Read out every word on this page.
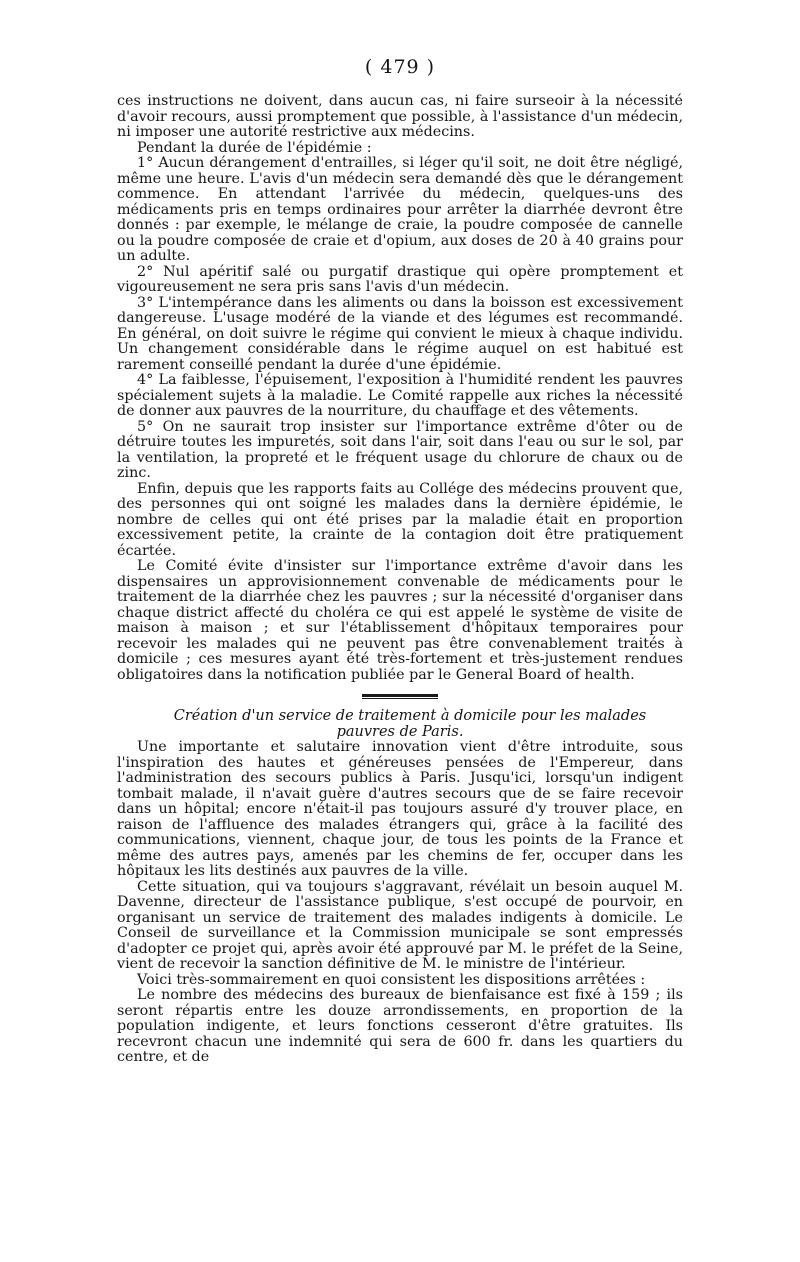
( 479 )

ces instructions ne doivent, dans aucun cas, ni faire surseoir à la nécessité d'avoir recours, aussi promptement que possible, à l'assistance d'un médecin, ni imposer une autorité restrictive aux médecins.

Pendant la durée de l'épidémie :

1° Aucun dérangement d'entrailles, si léger qu'il soit, ne doit être négligé, même une heure. L'avis d'un médecin sera demandé dès que le dérangement commence. En attendant l'arrivée du médecin, quelques-uns des médicaments pris en temps ordinaires pour arrêter la diarrhée devront être donnés : par exemple, le mélange de craie, la poudre composée de cannelle ou la poudre composée de craie et d'opium, aux doses de 20 à 40 grains pour un adulte.

2° Nul apéritif salé ou purgatif drastique qui opère promptement et vigoureusement ne sera pris sans l'avis d'un médecin.

3° L'intempérance dans les aliments ou dans la boisson est excessivement dangereuse. L'usage modéré de la viande et des légumes est recommandé. En général, on doit suivre le régime qui convient le mieux à chaque individu. Un changement considérable dans le régime auquel on est habitué est rarement conseillé pendant la durée d'une épidémie.

4° La faiblesse, l'épuisement, l'exposition à l'humidité rendent les pauvres spécialement sujets à la maladie. Le Comité rappelle aux riches la nécessité de donner aux pauvres de la nourriture, du chauffage et des vêtements.

5° On ne saurait trop insister sur l'importance extrême d'ôter ou de détruire toutes les impuretés, soit dans l'air, soit dans l'eau ou sur le sol, par la ventilation, la propreté et le fréquent usage du chlorure de chaux ou de zinc.

Enfin, depuis que les rapports faits au Collége des médecins prouvent que, des personnes qui ont soigné les malades dans la dernière épidémie, le nombre de celles qui ont été prises par la maladie était en proportion excessivement petite, la crainte de la contagion doit être pratiquement écartée.

Le Comité évite d'insister sur l'importance extrême d'avoir dans les dispensaires un approvisionnement convenable de médicaments pour le traitement de la diarrhée chez les pauvres ; sur la nécessité d'organiser dans chaque district affecté du choléra ce qui est appelé le système de visite de maison à maison ; et sur l'établissement d'hôpitaux temporaires pour recevoir les malades qui ne peuvent pas être convenablement traités à domicile ; ces mesures ayant été très-fortement et très-justement rendues obligatoires dans la notification publiée par le General Board of health.

Création d'un service de traitement à domicile pour les malades
pauvres de Paris.

Une importante et salutaire innovation vient d'être introduite, sous l'inspiration des hautes et généreuses pensées de l'Empereur, dans l'administration des secours publics à Paris. Jusqu'ici, lorsqu'un indigent tombait malade, il n'avait guère d'autres secours que de se faire recevoir dans un hôpital; encore n'était-il pas toujours assuré d'y trouver place, en raison de l'affluence des malades étrangers qui, grâce à la facilité des communications, viennent, chaque jour, de tous les points de la France et même des autres pays, amenés par les chemins de fer, occuper dans les hôpitaux les lits destinés aux pauvres de la ville.

Cette situation, qui va toujours s'aggravant, révélait un besoin auquel M. Davenne, directeur de l'assistance publique, s'est occupé de pourvoir, en organisant un service de traitement des malades indigents à domicile. Le Conseil de surveillance et la Commission municipale se sont empressés d'adopter ce projet qui, après avoir été approuvé par M. le préfet de la Seine, vient de recevoir la sanction définitive de M. le ministre de l'intérieur.

Voici très-sommairement en quoi consistent les dispositions arrêtées :

Le nombre des médecins des bureaux de bienfaisance est fixé à 159 ; ils seront répartis entre les douze arrondissements, en proportion de la population indigente, et leurs fonctions cesseront d'être gratuites. Ils recevront chacun une indemnité qui sera de 600 fr. dans les quartiers du centre, et de
